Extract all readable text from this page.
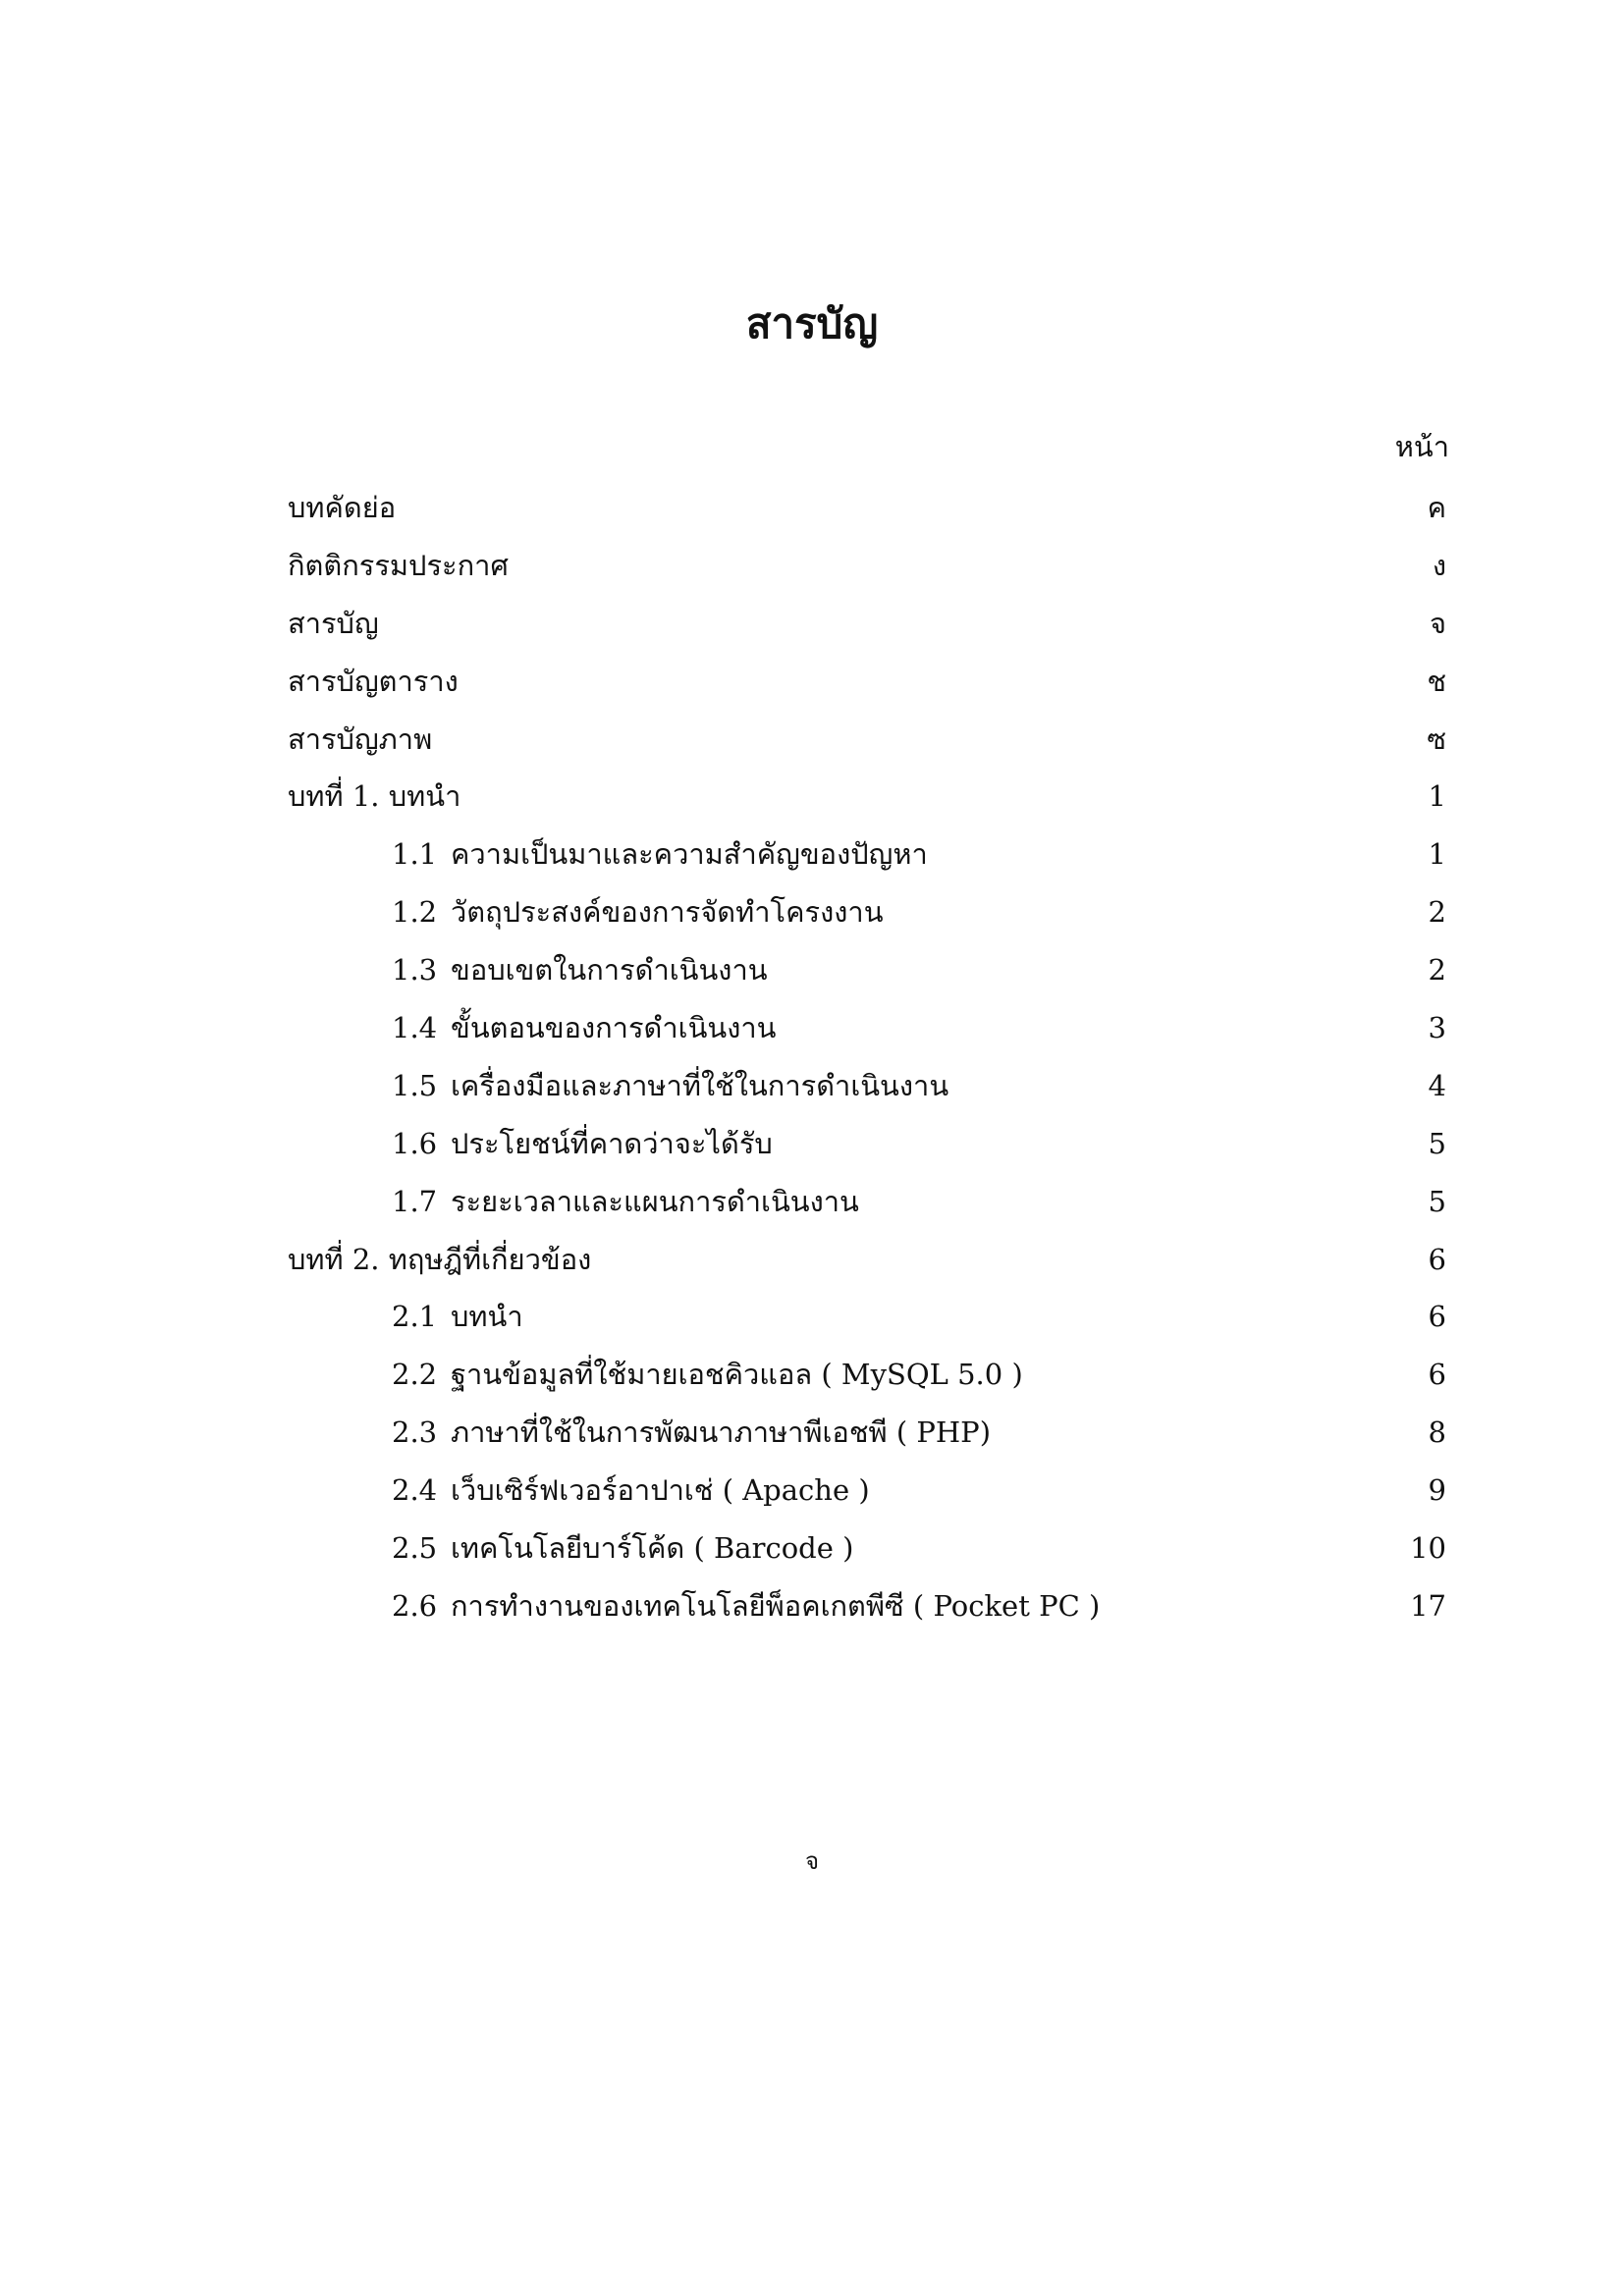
สารบัญ
หน้า
บทคัดย่อ	ค
กิตติกรรมประกาศ	ง
สารบัญ	จ
สารบัญตาราง	ช
สารบัญภาพ	ซ
บทที่ 1. บทนำ	1
1.1 ความเป็นมาและความสำคัญของปัญหา	1
1.2 วัตถุประสงค์ของการจัดทำโครงงาน	2
1.3 ขอบเขตในการดำเนินงาน	2
1.4 ขั้นตอนของการดำเนินงาน	3
1.5 เครื่องมือและภาษาที่ใช้ในการดำเนินงาน	4
1.6 ประโยชน์ที่คาดว่าจะได้รับ	5
1.7 ระยะเวลาและแผนการดำเนินงาน	5
บทที่ 2. ทฤษฎีที่เกี่ยวข้อง	6
2.1 บทนำ	6
2.2 ฐานข้อมูลที่ใช้มายเอชคิวแอล ( MySQL 5.0 )	6
2.3 ภาษาที่ใช้ในการพัฒนาภาษาพีเอชพี ( PHP)	8
2.4 เว็บเซิร์ฟเวอร์อาปาเช่ ( Apache )	9
2.5 เทคโนโลยีบาร์โค้ด ( Barcode )	10
2.6 การทำงานของเทคโนโลยีพ็อคเกตพีซี ( Pocket PC )	17
จ
